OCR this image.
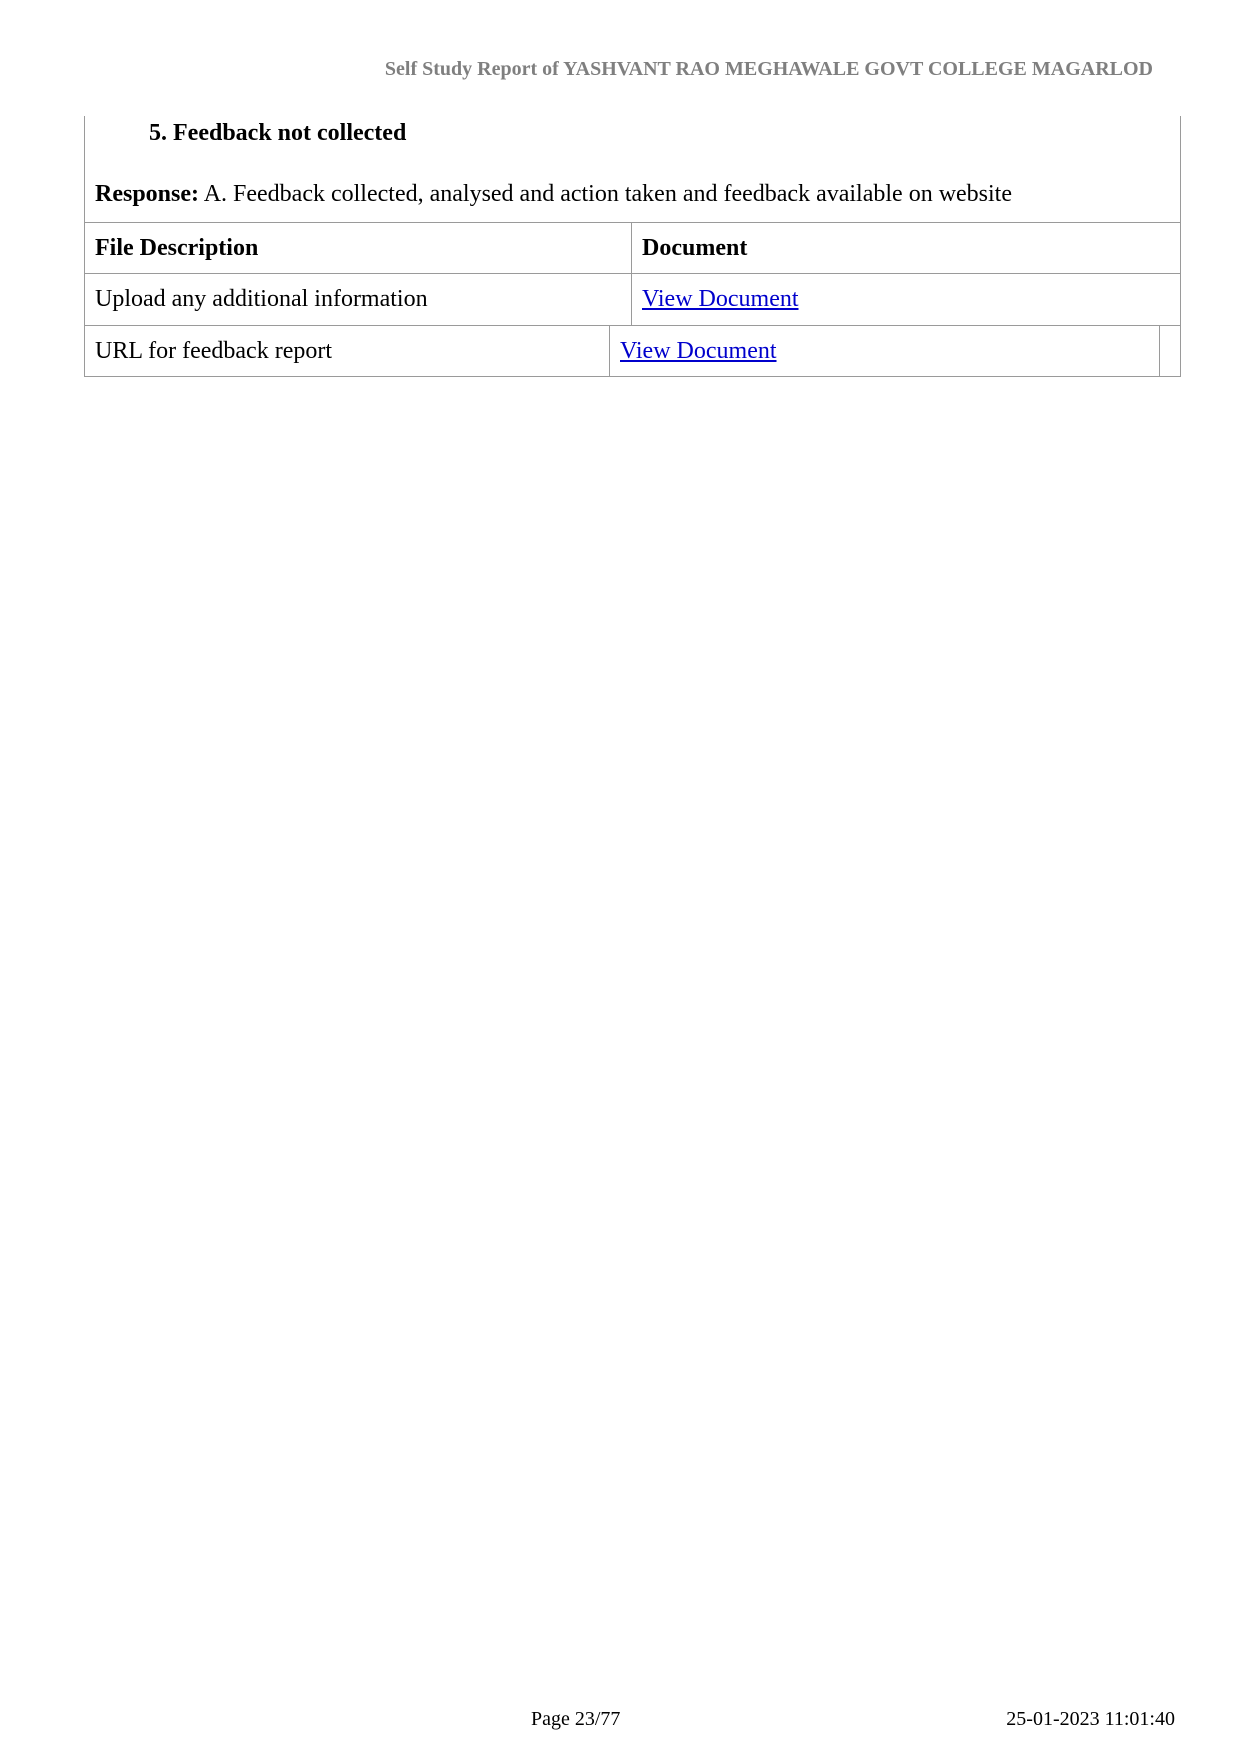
Self Study Report of YASHVANT RAO MEGHAWALE GOVT COLLEGE MAGARLOD
5. Feedback not collected
Response: A. Feedback collected, analysed and action taken and feedback available on website
File Description	Document
Upload any additional information	View Document
URL for feedback report	View Document
Page 23/77	25-01-2023 11:01:40
